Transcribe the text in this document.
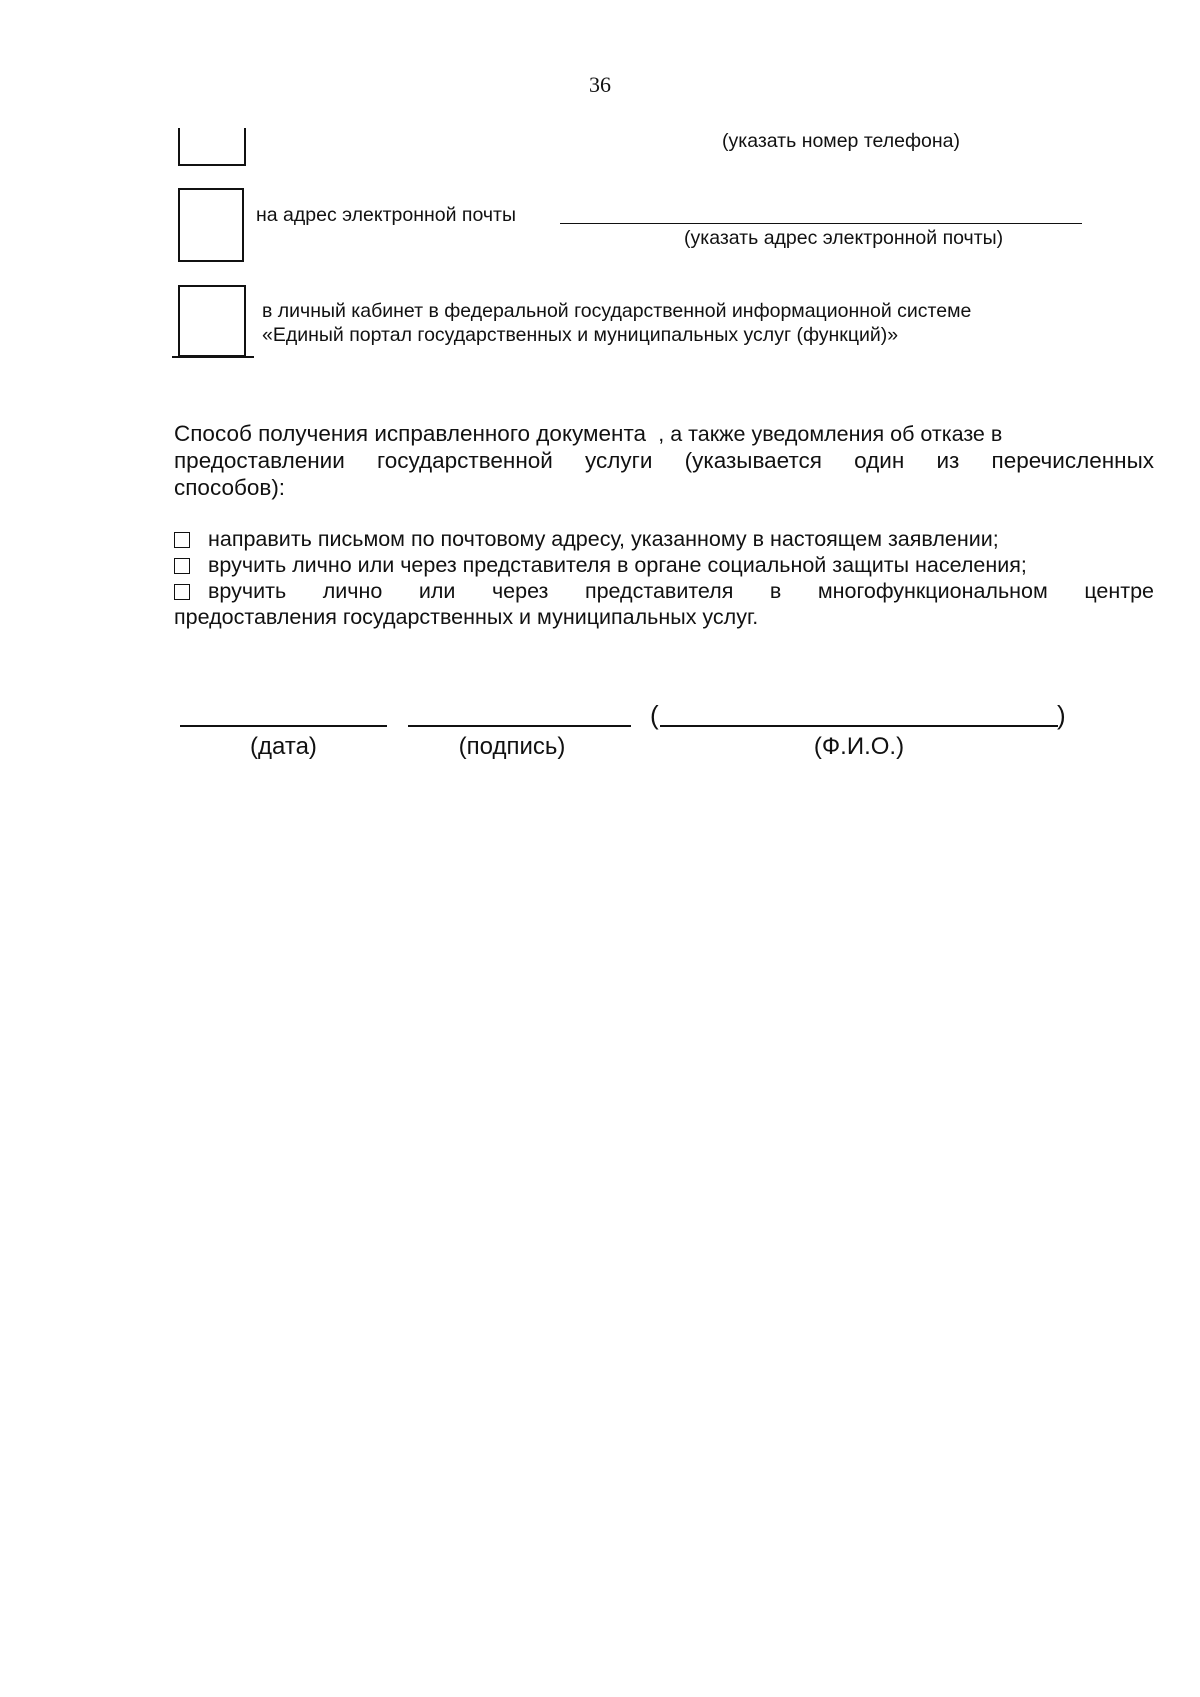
36
(указать номер телефона)
на адрес электронной почты
(указать адрес электронной почты)
в личный кабинет в федеральной государственной информационной системе
«Единый портал государственных и муниципальных услуг (функций)»
Способ получения исправленного документа , а также уведомления об отказе в
предоставлении государственной услуги (указывается один из перечисленных
способов):
направить письмом по почтовому адресу, указанному в настоящем заявлении;
вручить лично или через представителя в органе социальной защиты населения;
вручить лично или через представителя в многофункциональном центре
предоставления государственных и муниципальных услуг.
(	)
(дата)	(подпись)	(Ф.И.О.)
